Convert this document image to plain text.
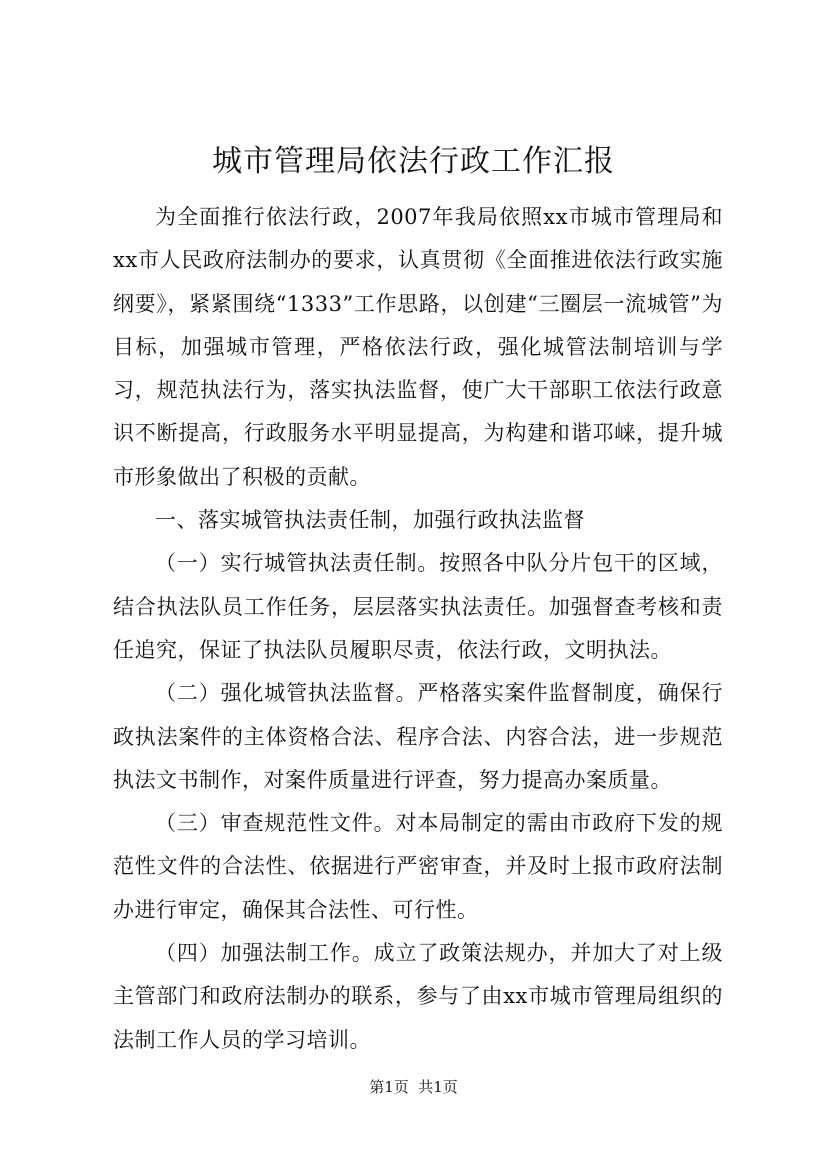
城市管理局依法行政工作汇报

为全面推行依法行政，2007年我局依照xx市城市管理局和xx市人民政府法制办的要求，认真贯彻《全面推进依法行政实施纲要》，紧紧围绕“1333”工作思路，以创建“三圈层一流城管”为目标，加强城市管理，严格依法行政，强化城管法制培训与学习，规范执法行为，落实执法监督，使广大干部职工依法行政意识不断提高，行政服务水平明显提高，为构建和谐邛崃，提升城市形象做出了积极的贡献。

一、落实城管执法责任制，加强行政执法监督

（一）实行城管执法责任制。按照各中队分片包干的区域，结合执法队员工作任务，层层落实执法责任。加强督查考核和责任追究，保证了执法队员履职尽责，依法行政，文明执法。

（二）强化城管执法监督。严格落实案件监督制度，确保行政执法案件的主体资格合法、程序合法、内容合法，进一步规范执法文书制作，对案件质量进行评查，努力提高办案质量。

（三）审查规范性文件。对本局制定的需由市政府下发的规范性文件的合法性、依据进行严密审查，并及时上报市政府法制办进行审定，确保其合法性、可行性。

（四）加强法制工作。成立了政策法规办，并加大了对上级主管部门和政府法制办的联系，参与了由xx市城市管理局组织的法制工作人员的学习培训。

第1页  共1页
